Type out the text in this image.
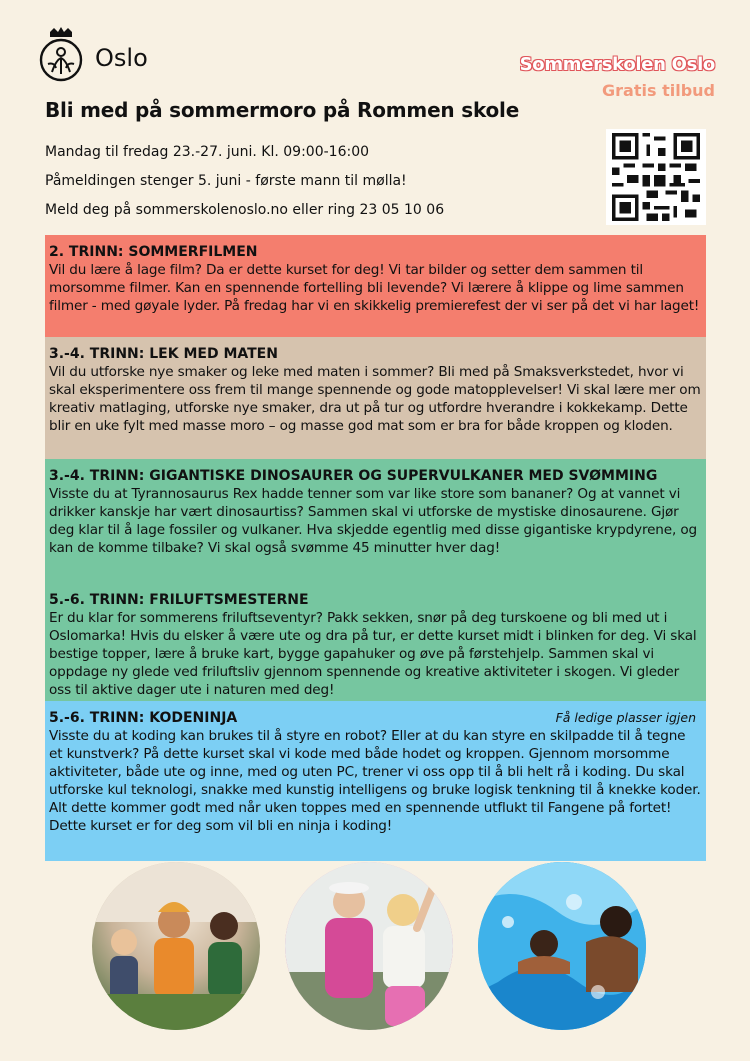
Oslo	Sommerskolen Oslo
Gratis tilbud
Bli med på sommermoro på Rommen skole
Mandag til fredag 23.-27. juni. Kl. 09:00-16:00
Påmeldingen stenger 5. juni - første mann til mølla!
Meld deg på sommerskolenoslo.no eller ring 23 05 10 06
2. TRINN: SOMMERFILMEN

Vil du lære å lage film? Da er dette kurset for deg! Vi tar bilder og setter dem sammen til morsomme filmer. Kan en spennende fortelling bli levende? Vi lærere å klippe og lime sammen filmer - med gøyale lyder. På fredag har vi en skikkelig premierefest der vi ser på det vi har laget!

3.-4. TRINN: LEK MED MATEN

Vil du utforske nye smaker og leke med maten i sommer? Bli med på Smaksverkstedet, hvor vi skal eksperimentere oss frem til mange spennende og gode matopplevelser! Vi skal lære mer om kreativ matlaging, utforske nye smaker, dra ut på tur og utfordre hverandre i kokkekamp. Dette blir en uke fylt med masse moro – og masse god mat som er bra for både kroppen og kloden.

3.-4. TRINN: GIGANTISKE DINOSAURER OG SUPERVULKANER MED SVØMMING

Visste du at Tyrannosaurus Rex hadde tenner som var like store som bananer? Og at vannet vi drikker kanskje har vært dinosaurtiss? Sammen skal vi utforske de mystiske dinosaurene. Gjør deg klar til å lage fossiler og vulkaner. Hva skjedde egentlig med disse gigantiske krypdyrene, og kan de komme tilbake? Vi skal også svømme 45 minutter hver dag!

5.-6. TRINN: FRILUFTSMESTERNE

Er du klar for sommerens friluftseventyr? Pakk sekken, snør på deg turskoene og bli med ut i Oslomarka! Hvis du elsker å være ute og dra på tur, er dette kurset midt i blinken for deg. Vi skal bestige topper, lære å bruke kart, bygge gapahuker og øve på førstehjelp. Sammen skal vi oppdage ny glede ved friluftsliv gjennom spennende og kreative aktiviteter i skogen. Vi gleder oss til aktive dager ute i naturen med deg!

Få ledige plasser igjen
5.-6. TRINN: KODENINJA

Visste du at koding kan brukes til å styre en robot? Eller at du kan styre en skilpadde til å tegne et kunstverk? På dette kurset skal vi kode med både hodet og kroppen. Gjennom morsomme aktiviteter, både ute og inne, med og uten PC, trener vi oss opp til å bli helt rå i koding. Du skal utforske kul teknologi, snakke med kunstig intelligens og bruke logisk tenkning til å knekke koder. Alt dette kommer godt med når uken toppes med en spennende utflukt til Fangene på fortet! Dette kurset er for deg som vil bli en ninja i koding!
